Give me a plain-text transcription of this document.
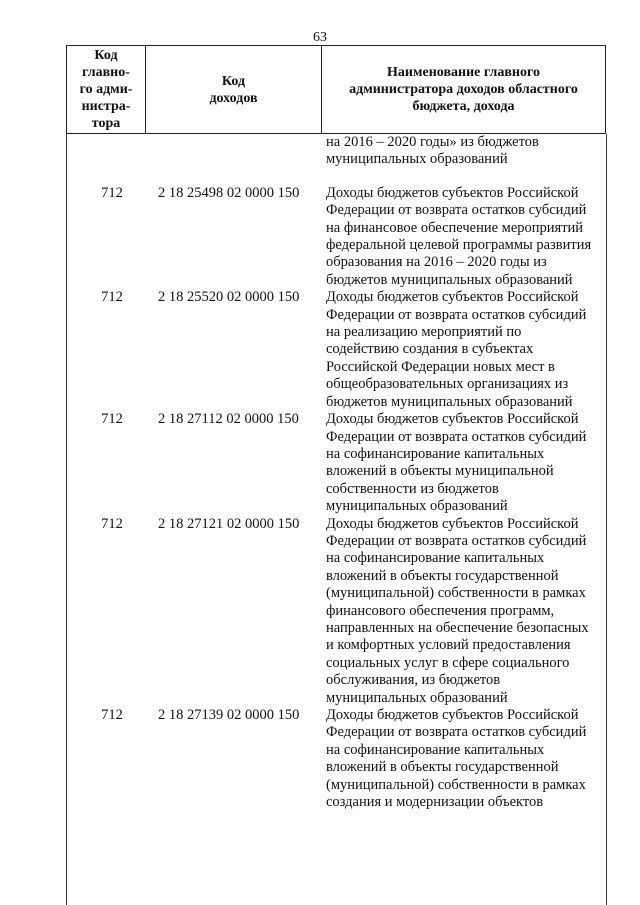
63
Код
главно-
го адми-
нистра-
тора

Код
доходов

Наименование главного
администратора доходов областного
бюджета, дохода
на 2016 – 2020 годы» из бюджетов
муниципальных образований
712	2 18 25498 02 0000 150	Доходы бюджетов субъектов Российской
Федерации от возврата остатков субсидий
на финансовое обеспечение мероприятий
федеральной целевой программы развития
образования на 2016 – 2020 годы из
бюджетов муниципальных образований
712	2 18 25520 02 0000 150	Доходы бюджетов субъектов Российской
Федерации от возврата остатков субсидий
на реализацию мероприятий по
содействию создания в субъектах
Российской Федерации новых мест в
общеобразовательных организациях из
бюджетов муниципальных образований
712	2 18 27112 02 0000 150	Доходы бюджетов субъектов Российской
Федерации от возврата остатков субсидий
на софинансирование капитальных
вложений в объекты муниципальной
собственности из бюджетов
муниципальных образований
712	2 18 27121 02 0000 150	Доходы бюджетов субъектов Российской
Федерации от возврата остатков субсидий
на софинансирование капитальных
вложений в объекты государственной
(муниципальной) собственности в рамках
финансового обеспечения программ,
направленных на обеспечение безопасных
и комфортных условий предоставления
социальных услуг в сфере социального
обслуживания, из бюджетов
муниципальных образований
712	2 18 27139 02 0000 150	Доходы бюджетов субъектов Российской
Федерации от возврата остатков субсидий
на софинансирование капитальных
вложений в объекты государственной
(муниципальной) собственности в рамках
создания и модернизации объектов
